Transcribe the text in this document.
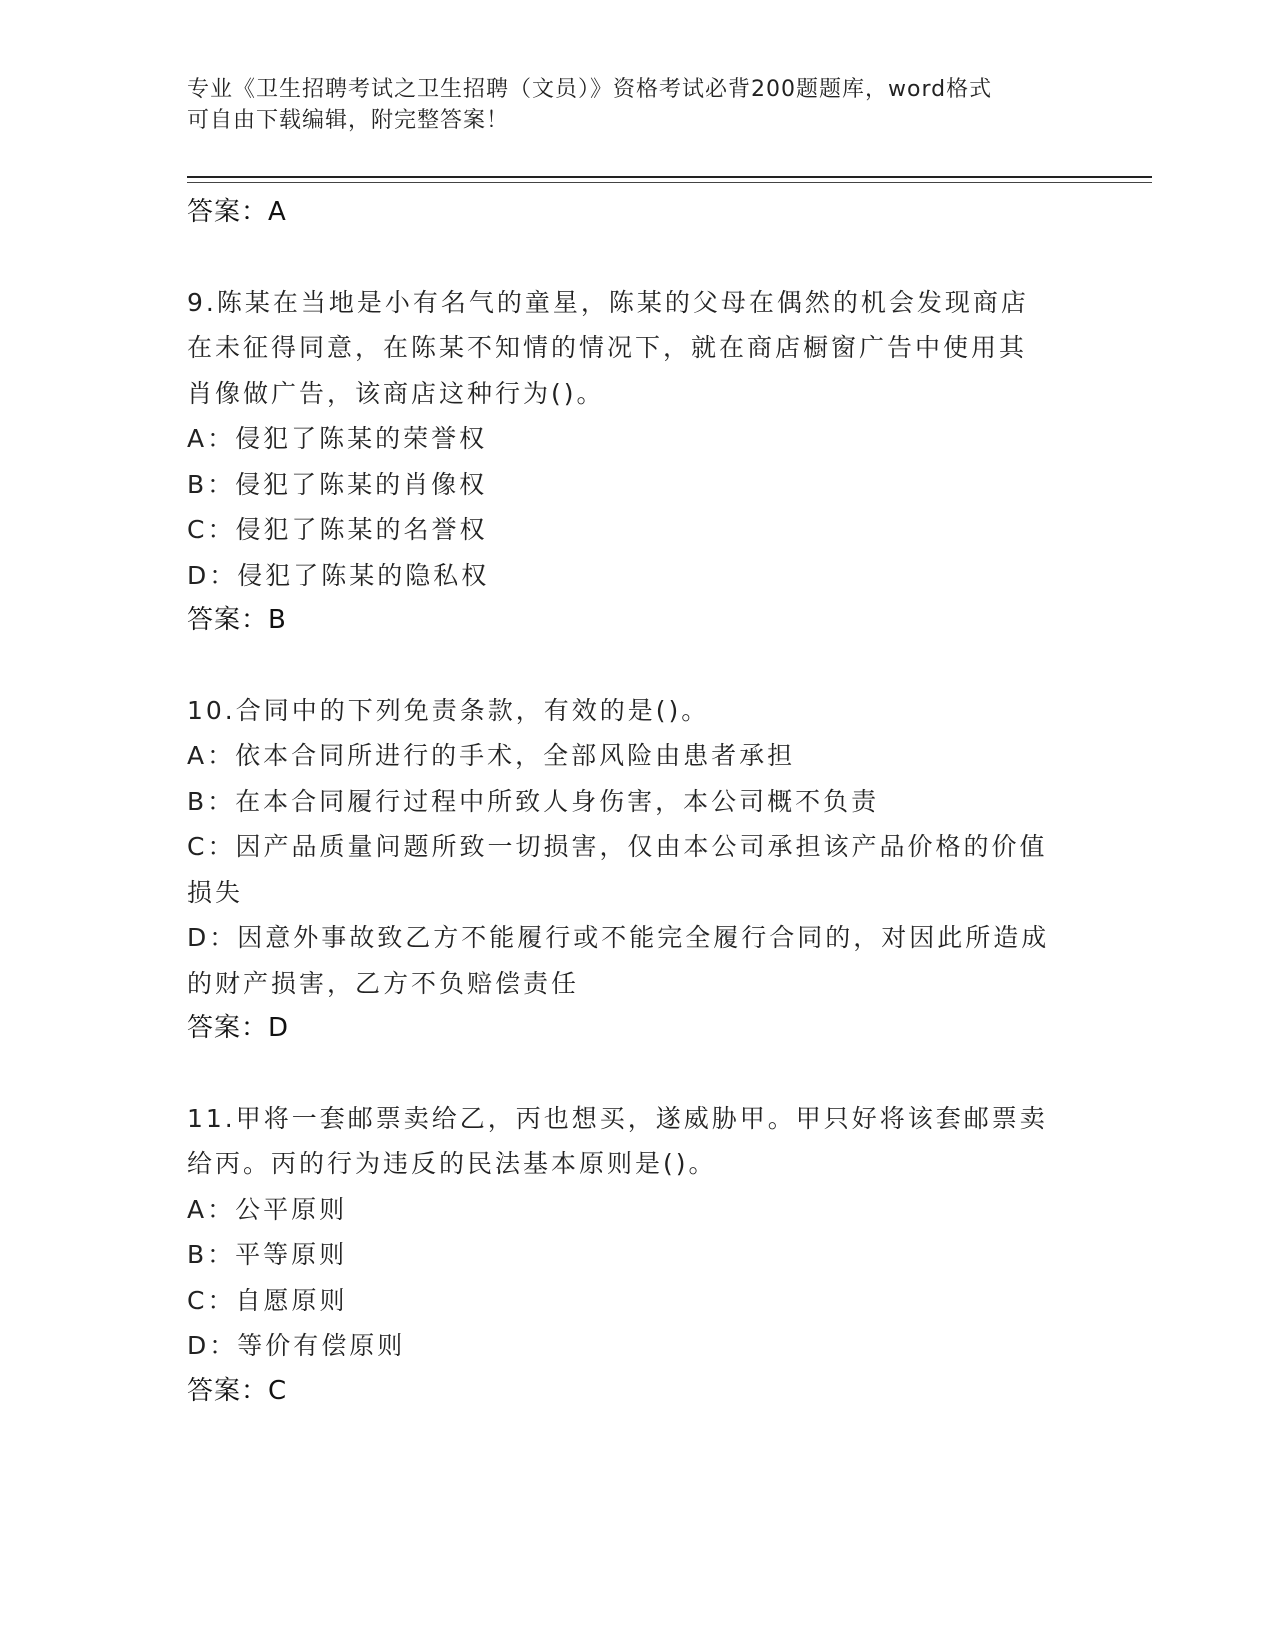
专业《卫生招聘考试之卫生招聘（文员）》资格考试必背200题题库，word格式
可自由下载编辑，附完整答案！
答案：A
9.陈某在当地是小有名气的童星，陈某的父母在偶然的机会发现商店
在未征得同意，在陈某不知情的情况下，就在商店橱窗广告中使用其
肖像做广告，该商店这种行为()。
A：侵犯了陈某的荣誉权
B：侵犯了陈某的肖像权
C：侵犯了陈某的名誉权
D：侵犯了陈某的隐私权
答案：B
10.合同中的下列免责条款，有效的是()。
A：依本合同所进行的手术，全部风险由患者承担
B：在本合同履行过程中所致人身伤害，本公司概不负责
C：因产品质量问题所致一切损害，仅由本公司承担该产品价格的价值
损失
D：因意外事故致乙方不能履行或不能完全履行合同的，对因此所造成
的财产损害，乙方不负赔偿责任
答案：D
11.甲将一套邮票卖给乙，丙也想买，遂威胁甲。甲只好将该套邮票卖
给丙。丙的行为违反的民法基本原则是()。
A：公平原则
B：平等原则
C：自愿原则
D：等价有偿原则
答案：C
